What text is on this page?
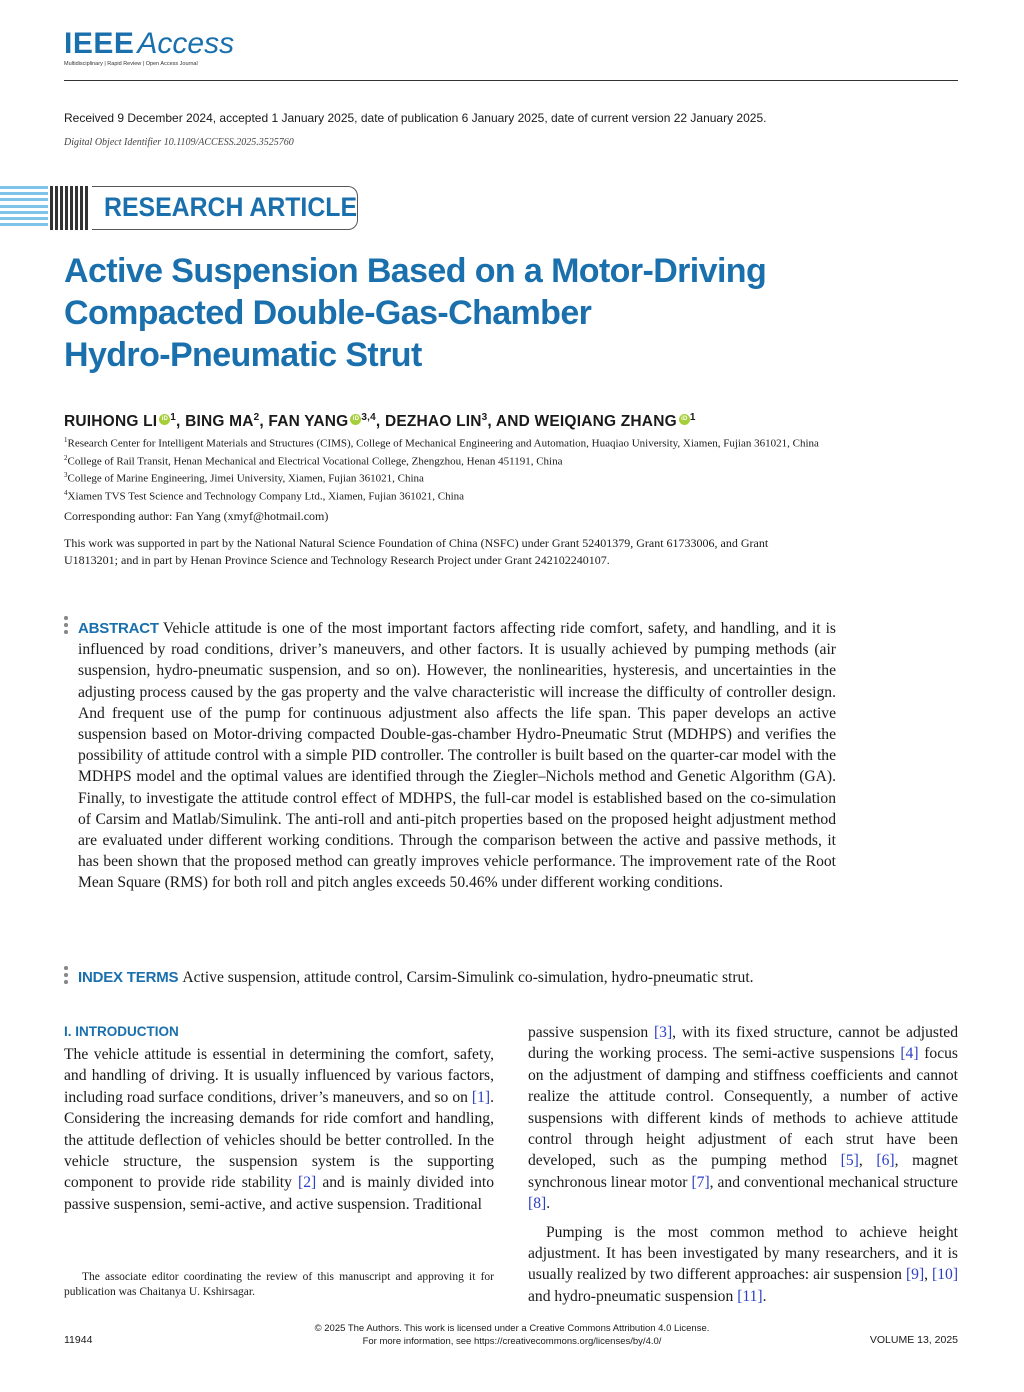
IEEE Access
Multidisciplinary | Rapid Review | Open Access Journal
Received 9 December 2024, accepted 1 January 2025, date of publication 6 January 2025, date of current version 22 January 2025.
Digital Object Identifier 10.1109/ACCESS.2025.3525760
RESEARCH ARTICLE
Active Suspension Based on a Motor-Driving
Compacted Double-Gas-Chamber
Hydro-Pneumatic Strut
RUIHONG LI iD $^1$, BING $MA^2$, FAN YANG iD $^{3,4}$, DEZHAO LIN$^3$, AND WEIQIANG ZHANG iD $^1$
$^1$Research Center for Intelligent Materials and Structures (CIMS), College of Mechanical Engineering and Automation, Huaqiao University, Xiamen, Fujian 361021, China
$^2$College of Rail Transit, Henan Mechanical and Electrical Vocational College, Zhengzhou, Henan 451191, China
$^3$College of Marine Engineering, Jimei University, Xiamen, Fujian 361021, China
$^4$Xiamen TVS Test Science and Technology Company Ltd., Xiamen, Fujian 361021, China
Corresponding author: Fan Yang (xmyf@hotmail.com)
This work was supported in part by the National Natural Science Foundation of China (NSFC) under Grant 52401379, Grant 61733006, and Grant U1813201; and in part by Henan Province Science and Technology Research Project under Grant 242102240107.
ABSTRACT Vehicle attitude is one of the most important factors affecting ride comfort, safety, and handling, and it is influenced by road conditions, driver’s maneuvers, and other factors. It is usually achieved by pumping methods (air suspension, hydro-pneumatic suspension, and so on). However, the nonlinearities, hysteresis, and uncertainties in the adjusting process caused by the gas property and the valve characteristic will increase the difficulty of controller design. And frequent use of the pump for continuous adjustment also affects the life span. This paper develops an active suspension based on Motor-driving compacted Double-gas-chamber Hydro-Pneumatic Strut (MDHPS) and verifies the possibility of attitude control with a simple PID controller. The controller is built based on the quarter-car model with the MDHPS model and the optimal values are identified through the Ziegler–Nichols method and Genetic Algorithm (GA). Finally, to investigate the attitude control effect of MDHPS, the full-car model is established based on the co-simulation of Carsim and Matlab/Simulink. The anti-roll and anti-pitch properties based on the proposed height adjustment method are evaluated under different working conditions. Through the comparison between the active and passive methods, it has been shown that the proposed method can greatly improves vehicle performance. The improvement rate of the Root Mean Square (RMS) for both roll and pitch angles exceeds 50.46% under different working conditions.
INDEX TERMS Active suspension, attitude control, Carsim-Simulink co-simulation, hydro-pneumatic strut.
I. INTRODUCTION

The vehicle attitude is essential in determining the comfort, safety, and handling of driving. It is usually influenced by various factors, including road surface conditions, driver’s maneuvers, and so on [1]. Considering the increasing demands for ride comfort and handling, the attitude deflection of vehicles should be better controlled. In the vehicle structure, the suspension system is the supporting component to provide ride stability [2] and is mainly divided into passive suspension, semi-active, and active suspension. Traditional

passive suspension [3], with its fixed structure, cannot be adjusted during the working process. The semi-active suspensions [4] focus on the adjustment of damping and stiffness coefficients and cannot realize the attitude control. Consequently, a number of active suspensions with different kinds of methods to achieve attitude control through height adjustment of each strut have been developed, such as the pumping method [5], [6], magnet synchronous linear motor [7], and conventional mechanical structure [8].

Pumping is the most common method to achieve height adjustment. It has been investigated by many researchers, and it is usually realized by two different approaches: air suspension [9], [10] and hydro-pneumatic suspension [11].

The associate editor coordinating the review of this manuscript and approving it for publication was Chaitanya U. Kshirsagar.
© 2025 The Authors. This work is licensed under a Creative Commons Attribution 4.0 License.
For more information, see https://creativecommons.org/licenses/by/4.0/
11944	VOLUME 13, 2025
